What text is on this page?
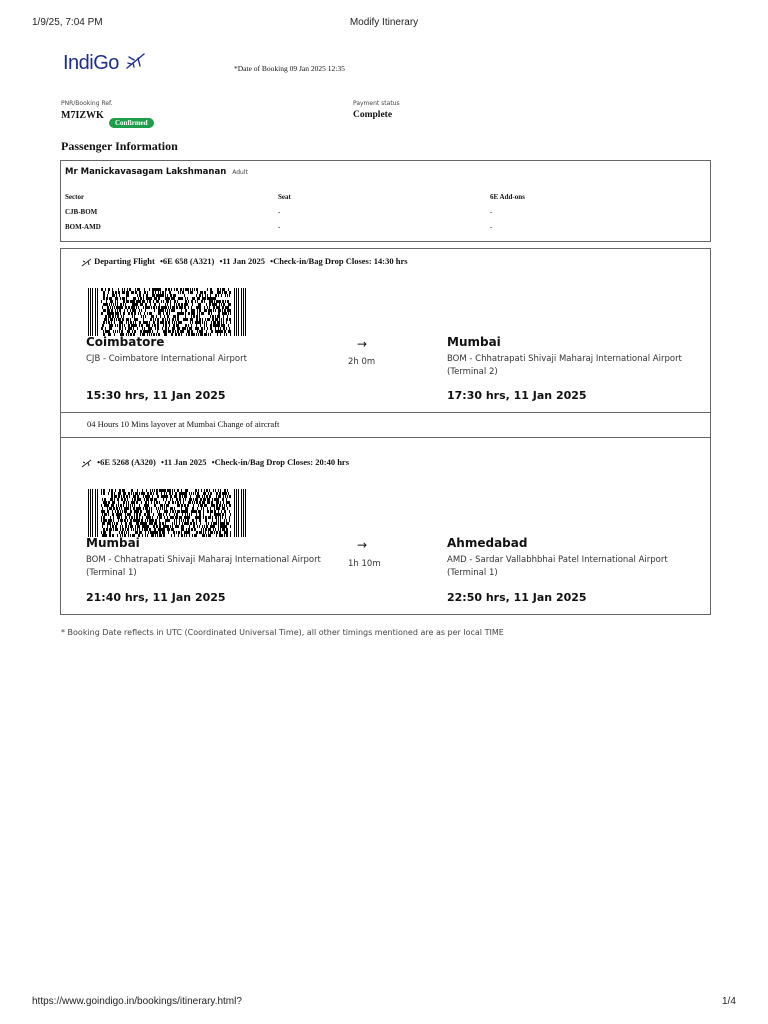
1/9/25, 7:04 PM	Modify Itinerary
IndiGo	*Date of Booking 09 Jan 2025 12:35
PNR/Booking Ref.
M7IZWK
Confirmed
Payment status
Complete
Passenger Information
Mr Manickavasagam Lakshmanan Adult
Sector	Seat	6E Add-ons
CJB-BOM	-	-
BOM-AMD	-	-
Departing Flight •6E 658 (A321) •11 Jan 2025 •Check-in/Bag Drop Closes: 14:30 hrs
Coimbatore
CJB - Coimbatore International Airport
→
2h 0m
Mumbai
BOM - Chhatrapati Shivaji Maharaj International Airport
(Terminal 2)
15:30 hrs, 11 Jan 2025	17:30 hrs, 11 Jan 2025
04 Hours 10 Mins layover at Mumbai Change of aircraft
•6E 5268 (A320) •11 Jan 2025 •Check-in/Bag Drop Closes: 20:40 hrs
Mumbai
BOM - Chhatrapati Shivaji Maharaj International Airport
(Terminal 1)
→
1h 10m
Ahmedabad
AMD - Sardar Vallabhbhai Patel International Airport
(Terminal 1)
21:40 hrs, 11 Jan 2025	22:50 hrs, 11 Jan 2025
* Booking Date reflects in UTC (Coordinated Universal Time), all other timings mentioned are as per local TIME
https://www.goindigo.in/bookings/itinerary.html?	1/4
